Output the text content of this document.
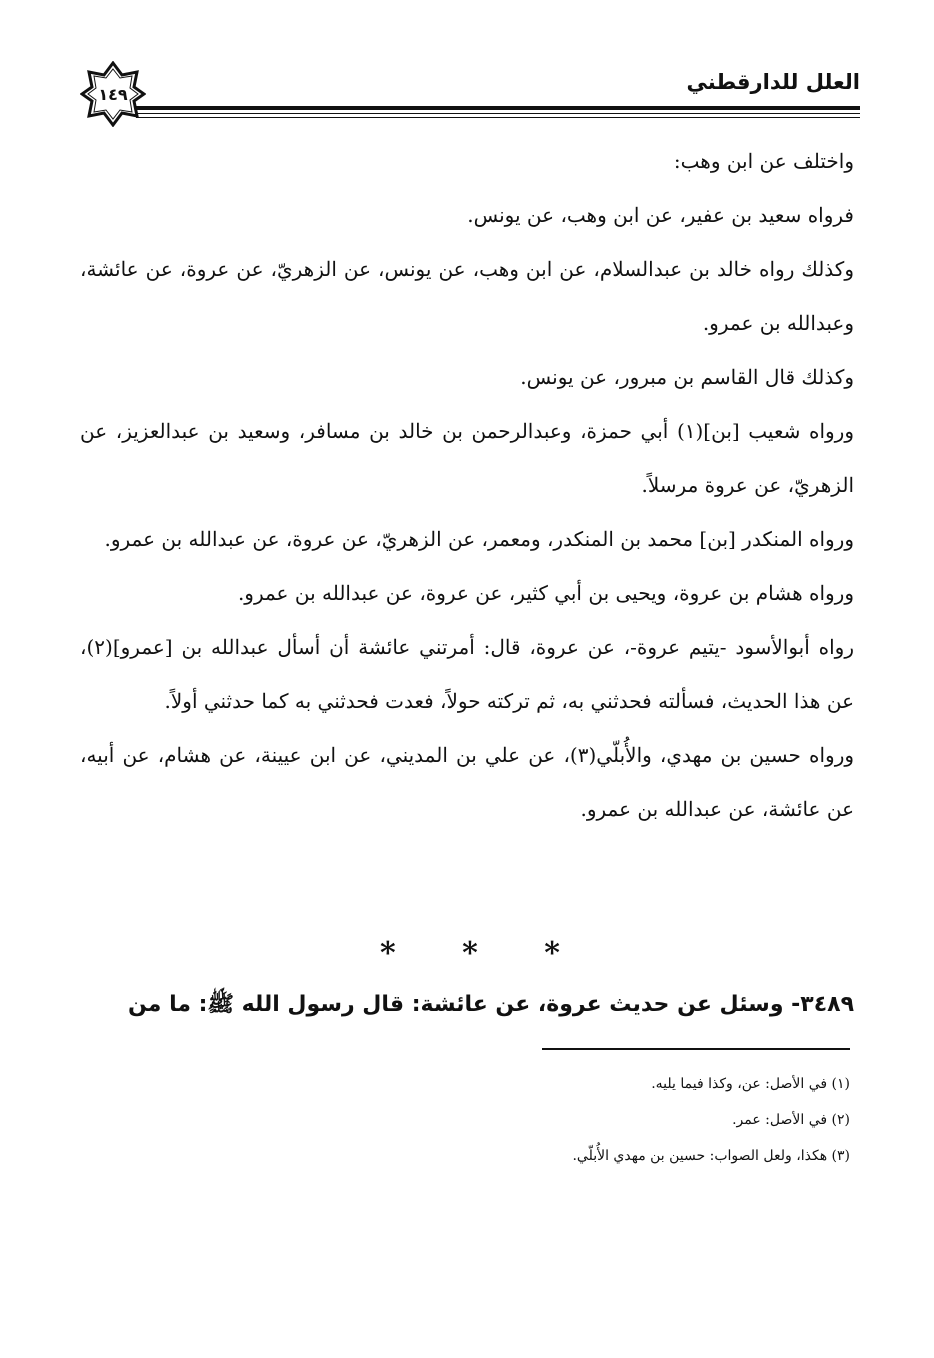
العلل للدارقطني
١٤٩

واختلف عن ابن وهب:

فرواه سعيد بن عفير، عن ابن وهب، عن يونس.

وكذلك رواه خالد بن عبدالسلام، عن ابن وهب، عن يونس، عن الزهريّ، عن عروة، عن عائشة، وعبدالله بن عمرو.

وكذلك قال القاسم بن مبرور، عن يونس.

ورواه شعيب [بن](١) أبي حمزة، وعبدالرحمن بن خالد بن مسافر، وسعيد بن عبدالعزيز، عن الزهريّ، عن عروة مرسلاً.

ورواه المنكدر [بن] محمد بن المنكدر، ومعمر، عن الزهريّ، عن عروة، عن عبدالله بن عمرو.

ورواه هشام بن عروة، ويحيى بن أبي كثير، عن عروة، عن عبدالله بن عمرو.

رواه أبوالأسود -يتيم عروة-، عن عروة، قال: أمرتني عائشة أن أسأل عبدالله بن [عمرو](٢)، عن هذا الحديث، فسألته فحدثني به، ثم تركته حولاً، فعدت فحدثني به كما حدثني أولاً.

ورواه حسين بن مهدي، والأُبلّي(٣)، عن علي بن المديني، عن ابن عيينة، عن هشام، عن أبيه، عن عائشة، عن عبدالله بن عمرو.

* * *
٣٤٨٩- وسئل عن حديث عروة، عن عائشة: قال رسول الله ﷺ: ما من

(١) في الأصل: عن، وكذا فيما يليه.

(٢) في الأصل: عمر.

(٣) هكذا، ولعل الصواب: حسين بن مهدي الأُبلّي.
